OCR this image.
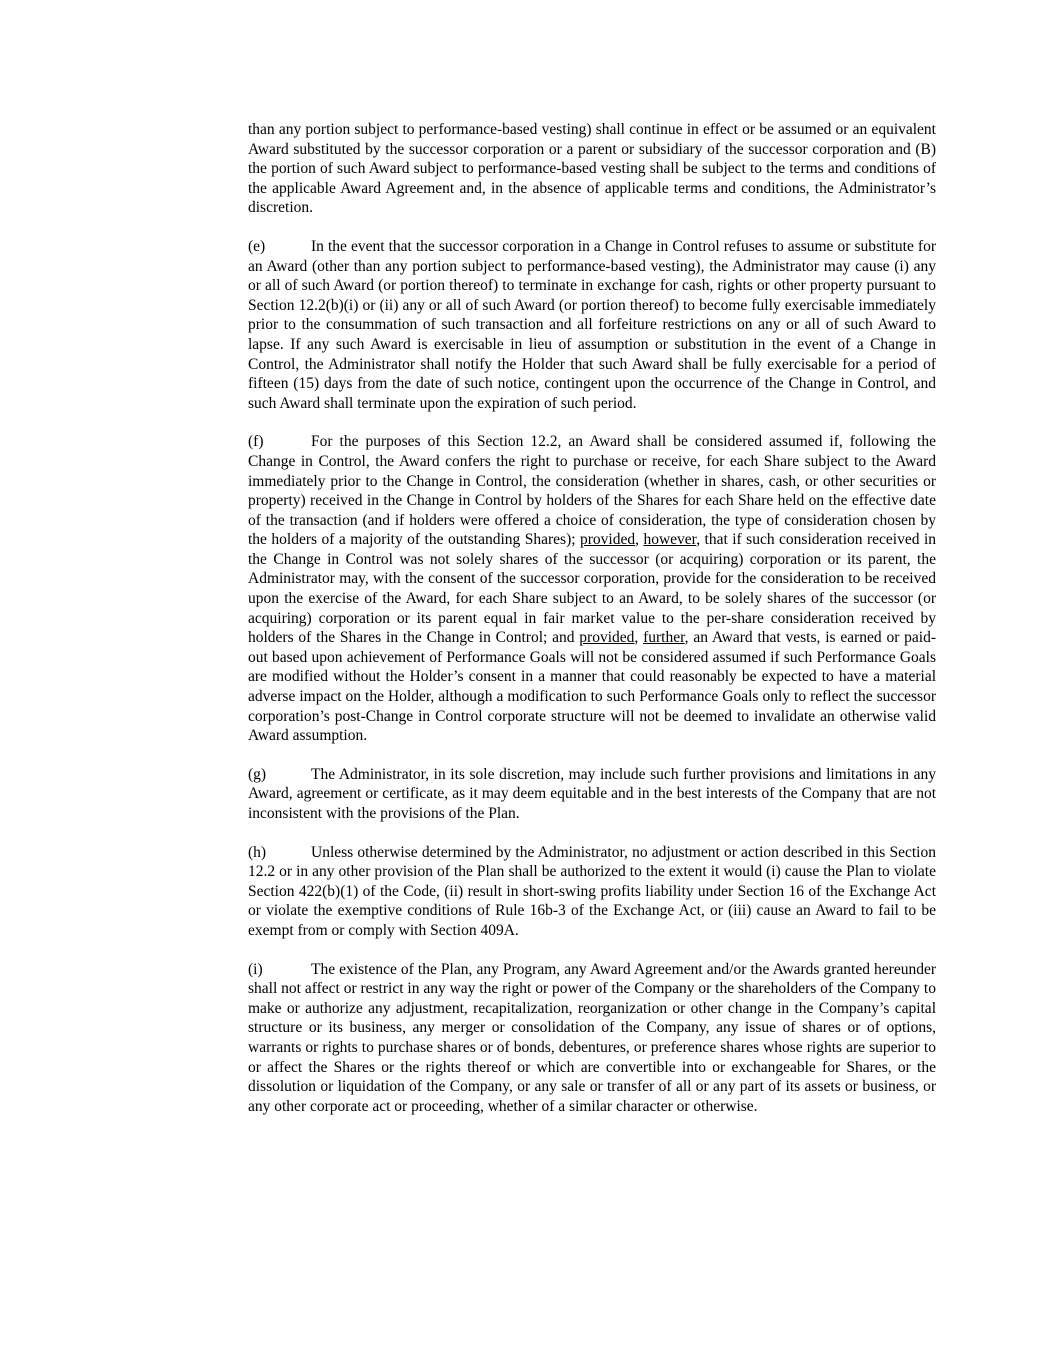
than any portion subject to performance-based vesting) shall continue in effect or be assumed or an equivalent Award substituted by the successor corporation or a parent or subsidiary of the successor corporation and (B) the portion of such Award subject to performance-based vesting shall be subject to the terms and conditions of the applicable Award Agreement and, in the absence of applicable terms and conditions, the Administrator’s discretion.

(e)	In the event that the successor corporation in a Change in Control refuses to assume or substitute for an Award (other than any portion subject to performance-based vesting), the Administrator may cause (i) any or all of such Award (or portion thereof) to terminate in exchange for cash, rights or other property pursuant to Section 12.2(b)(i) or (ii) any or all of such Award (or portion thereof) to become fully exercisable immediately prior to the consummation of such transaction and all forfeiture restrictions on any or all of such Award to lapse. If any such Award is exercisable in lieu of assumption or substitution in the event of a Change in Control, the Administrator shall notify the Holder that such Award shall be fully exercisable for a period of fifteen (15) days from the date of such notice, contingent upon the occurrence of the Change in Control, and such Award shall terminate upon the expiration of such period.

(f)	For the purposes of this Section 12.2, an Award shall be considered assumed if, following the Change in Control, the Award confers the right to purchase or receive, for each Share subject to the Award immediately prior to the Change in Control, the consideration (whether in shares, cash, or other securities or property) received in the Change in Control by holders of the Shares for each Share held on the effective date of the transaction (and if holders were offered a choice of consideration, the type of consideration chosen by the holders of a majority of the outstanding Shares); provided, however, that if such consideration received in the Change in Control was not solely shares of the successor (or acquiring) corporation or its parent, the Administrator may, with the consent of the successor corporation, provide for the consideration to be received upon the exercise of the Award, for each Share subject to an Award, to be solely shares of the successor (or acquiring) corporation or its parent equal in fair market value to the per-share consideration received by holders of the Shares in the Change in Control; and provided, further, an Award that vests, is earned or paid-out based upon achievement of Performance Goals will not be considered assumed if such Performance Goals are modified without the Holder’s consent in a manner that could reasonably be expected to have a material adverse impact on the Holder, although a modification to such Performance Goals only to reflect the successor corporation’s post-Change in Control corporate structure will not be deemed to invalidate an otherwise valid Award assumption.

(g)	The Administrator, in its sole discretion, may include such further provisions and limitations in any Award, agreement or certificate, as it may deem equitable and in the best interests of the Company that are not inconsistent with the provisions of the Plan.

(h)	Unless otherwise determined by the Administrator, no adjustment or action described in this Section 12.2 or in any other provision of the Plan shall be authorized to the extent it would (i) cause the Plan to violate Section 422(b)(1) of the Code, (ii) result in short-swing profits liability under Section 16 of the Exchange Act or violate the exemptive conditions of Rule 16b-3 of the Exchange Act, or (iii) cause an Award to fail to be exempt from or comply with Section 409A.

(i)	The existence of the Plan, any Program, any Award Agreement and/or the Awards granted hereunder shall not affect or restrict in any way the right or power of the Company or the shareholders of the Company to make or authorize any adjustment, recapitalization, reorganization or other change in the Company’s capital structure or its business, any merger or consolidation of the Company, any issue of shares or of options, warrants or rights to purchase shares or of bonds, debentures, or preference shares whose rights are superior to or affect the Shares or the rights thereof or which are convertible into or exchangeable for Shares, or the dissolution or liquidation of the Company, or any sale or transfer of all or any part of its assets or business, or any other corporate act or proceeding, whether of a similar character or otherwise.
